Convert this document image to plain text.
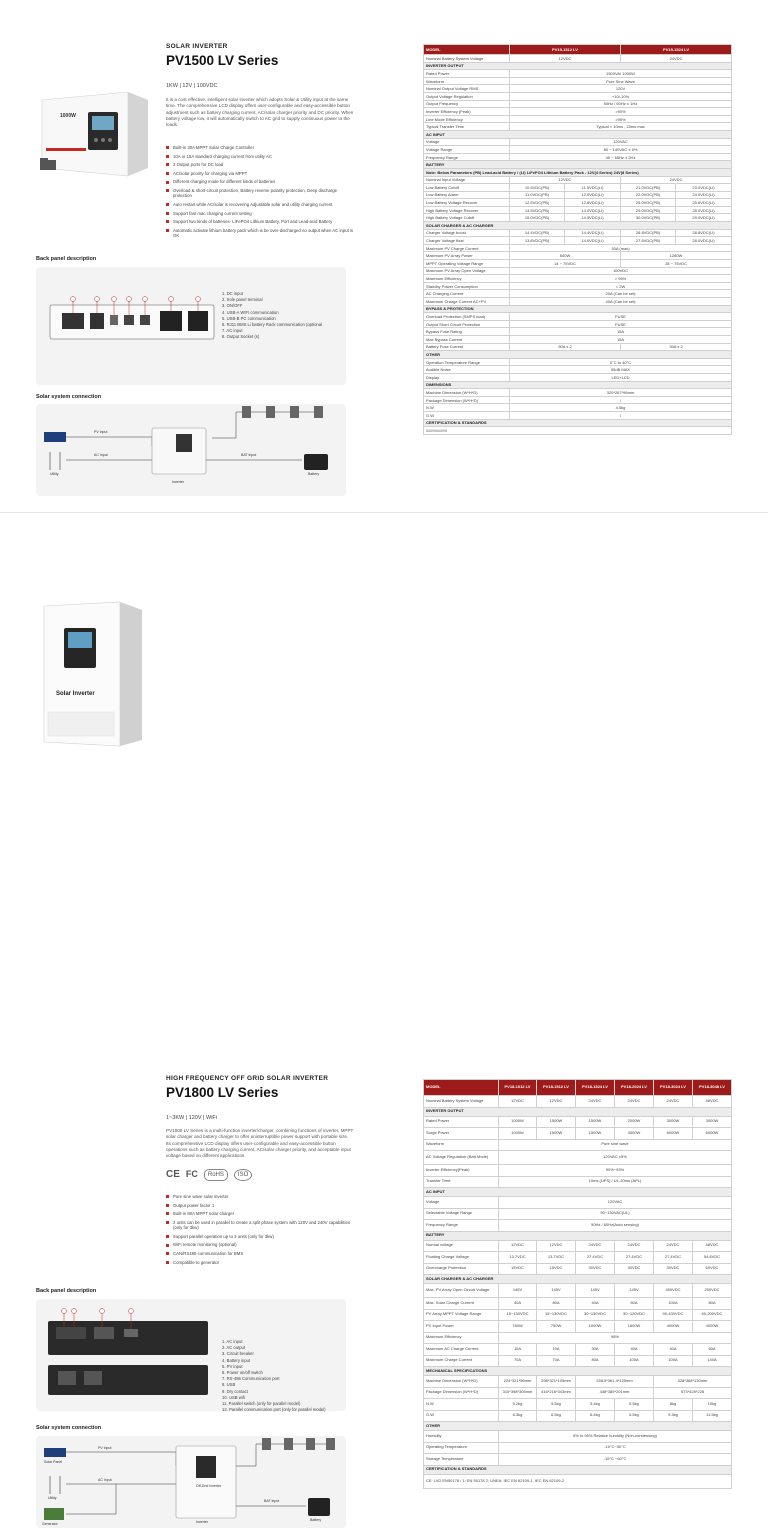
1000W
SOLAR INVERTER
PV1500 LV Series
1KW | 12V | 100VDC
It is a cost effective, intelligent solar inverter which adopts Solar & Utility input at the same time. The comprehensive LCD display offers user-configurable and easy-accessible button adjustment such as battery charging current, AC/solar charger priority and DC priority. When battery voltage low, it will automatically switch to AC grid to supply continuous power to the loads.
Built-in 30A MPPT Solar Charge Controller
10A or 15A standard charging current from utility AC
2 Output ports for DC load
AC/solar priority for charging via MPPT
Different charging mode for different kinds of batteries
Overload & short-circuit protection, Battery reverse polarity protection, Deep discharge protection
Auto restart while AC/solar is recovering Adjustable solar and utility charging current
Support fast mac charging current setting
Support two kinds of batteries- LiFePO4 Lithium Battery, Port and Lead-acid Battery
Automatic activate lithium battery pack which is be over-discharged no output when AC input is OK
Back panel description
1. DC input
2. Sole panel terminal
3. ON/OFF
4. USB-A WIFI communication
5. USB-B PC communication
6. RJ11 BMS Li battery Rack communication (optional
7. AC input
8. Output Socket (s)
Solar system connection
PV Input
AC Input	BAT Input
Utility
Inverter
Battery
MODEL	PV15-1512 LV		PV15-1524 LV	
Nominal Battery System Voltage	12VDC		24VDC	
INVERTER OUTPUT				
Rated Power	1500VA/ 1000W			
Waveform	Pure Sine Wave			
Nominal Output Voltage RMS	120V			
Output Voltage Regulation	+10/-10%			
Output Frequency	50Hz / 60Hz ± 1Hz			
Inverter Efficiency (Peak)	>90%			
Line Mode Efficiency	>95%			
Typical Transfer Time	Typical < 10ms , 15ms max			
AC INPUT				
Voltage	120VAC			
Voltage Range	80 ~ 140VAC ± 5%			
Frequency Range	45 ~ 65Hz ± 2Hz			
BATTERY				
Note: Below Parameters (PB) Lead-acid Battery / (LI) LiFePO4 Lithium Battery Pack - 12V(4 Series) 24V(8 Series)				
Nominal Input Voltage	12VDC		24VDC	
Low Battery Cutoff	10.5VDC(PB)	11.5VDC(LI)	21.0VDC(PB)	23.0VDC(LI)
Low Battery Alarm	11.0VDC(PB)	12.0VDC(LI)	22.0VDC(PB)	24.0VDC(LI)
Low Battery Voltage Recover	12.5VDC(PB)	12.8VDC(LI)	25.0VDC(PB)	25.6VDC(LI)
High Battery Voltage Recover	14.5VDC(PB)	14.0VDC(LI)	29.0VDC(PB)	28.0VDC(LI)
High Battery Voltage Cutoff	15.0VDC(PB)	14.5VDC(LI)	30.0VDC(PB)	29.0VDC(LI)
SOLAR CHARGER & AC CHARGER				
Charger Voltage boost	14.4VDC(PB)	14.4VDC(LI)	28.8VDC(PB)	28.8VDC(LI)
Charger Voltage float	13.8VDC(PB)	14.0VDC(LI)	27.6VDC(PB)	28.0VDC(LI)
Maximum PV Charge Current	30A (max)			
Maximum PV Array Power	640W		1280W	
MPPT Operating Voltage Range	14 ~ 75VDC		28 ~ 75VDC	
Maximum PV Array Open Voltage	100VDC			
Maximum Efficiency	> 95%			
Standby Power Consumption	< 2W			
AC Charging Current	20A (Can be set)			
Maximum Charge Current AC+PV	40A (Can be set)			
BYPASS & PROTECTION				
Overload Protection (SMPS load)	FUSE			
Output Short Circuit Protection	FUSE			
Bypass Fuse Rating	15A			
Max Bypass Current	15A			
Battery Fuse Current	50A x 2		30A x 2	
OTHER				
Operation Temperature Range	0°C to 40°C			
Audible Noise	55dB MAX			
Display	LED+LCD			
DIMENSIONS				
Machine Dimension (W*H*D)	320*267*96mm			
Package Dimension (W*H*D)	/			
N.W	4.5kg			
G.W	/			
CERTIFICATION & STANDARDS				
///////////////////				
Solar Inverter
HIGH FREQUENCY OFF GRID SOLAR INVERTER
PV1800 LV Series
1~3KW | 120V | WiFi
PV1800 LV Series is a multi-function inverter/charger, combining functions of inverter, MPPT solar charger and battery charger to offer uninterruptible power support with portable size. Its comprehensive LCD display offers user-configurable and easy-accessible button operations such as battery charging current, AC/solar charger priority, and acceptable input voltage based on different applications.
CE FC	RoHS	ISO
Pure sine wave solar inverter
Output power factor 1
Built-in 80A MPPT solar charger
2 units can be used in parallel to create a split phase system with 120V and 240V capabilities (only for 3kw)
Support parallel operation up to 3 units (only for 3kw)
WiFi remote monitoring (optional)
CAN/RS485 communication for BMS
Compatible to generator
Back panel description
1. AC input
2. AC output
3. Circuit breaker
4. Battery input
5. PV input
6. Power on/off switch
7. RS-485 Communication port
8. USB
9. Dry contact
10. USB wifi
11. Parallel switch (only for parallel model)
12. Parallel communication port (only for parallel model)
Solar system connection
PV Input
AC Input
BAT Input
Solar Panel
Utility
Generator
Off-Grid Inverter
Inverter	Battery
MODEL	PV18-1012 LV	PV18-1512 LV	PV18-1524 LV	PV18-2024 LV	PV18-3024 LV	PV18-3048 LV
Nominal Battery System Voltage	12VDC	12VDC	24VDC	24VDC	24VDC	48VDC
INVERTER OUTPUT						
Rated Power	1000W	1500W	1500W	2000W	3000W	3000W
Surge Power	1000W	1500W	1500W	4000W	6000W	6000W
Waveform	Pure sine wave					
AC Voltage Regulation (Batt.Mode)	120VAC ±5%					
Inverter Efficiency(Peak)	90%~93%					
Transfer Time	10ms (UPS) / UL-20ms (APL)					
AC INPUT						
Voltage	120VAC					
Selectable Voltage Range	90~130VAC(UL)					
Frequency Range	50Hz / 60Hz(Auto sensing)					
BATTERY						
Normal voltage	12VDC	12VDC	24VDC	24VDC	24VDC	48VDC
Floating Charge Voltage	13.7VDC	13.7VDC	27.4VDC	27.4VDC	27.4VDC	54.8VDC
Overcharge Protection	15VDC	15VDC	30VDC	30VDC	30VDC	60VDC
SOLAR CHARGER & AC CHARGER						
Max. PV Array Open Circuit Voltage	145V	145V	145V	145V	450VDC	250VDC
Max. Solar Charge Current	40A	80A	40A	60A	100A	80A
PV Array MPPT Voltage Range	15~130VDC	15~130VDC	30~130VDC	30~120VDC	90-430VDC	60-200VDC
PV Input Power	780W	750W	1000W	1600W	4000W	4000W
Maximum Efficiency	98%					
Maximum AC Charge Current	10A	10A	30A	40A	40A	60A
Maximum Charge Current	70A	70A	80A	100A	100A	140A
MECHANICAL SPECIFICATIONS						
Machine Dimension (W*H*D)	224*321*96mm	298*321*105mm	258.5*361.4*105mm		328*368*130mm	
Package Dimension (W*H*D)	310*398*305mm	416*216*343mm	438*389*201mm		573*428*228	
N.W	5.2kg	5.5kg	5.4kg	5.5kg	8kg	10kg
G.W	6.3kg	6.5kg	6.4kg	6.5kg	9.3kg	11.5kg
OTHER						
Humidity	5% to 95% Relative humidity (Non-condensing)					
Operating Temperature	-10°C~50°C					
Storage Temperature	-15°C ~60°C					
CERTIFICATION & STANDARDS						
CE: LVD EN50178 / 1; EN 50178 2; UNEA: IEC EN 62109-1, IEC EN 62109-2						
